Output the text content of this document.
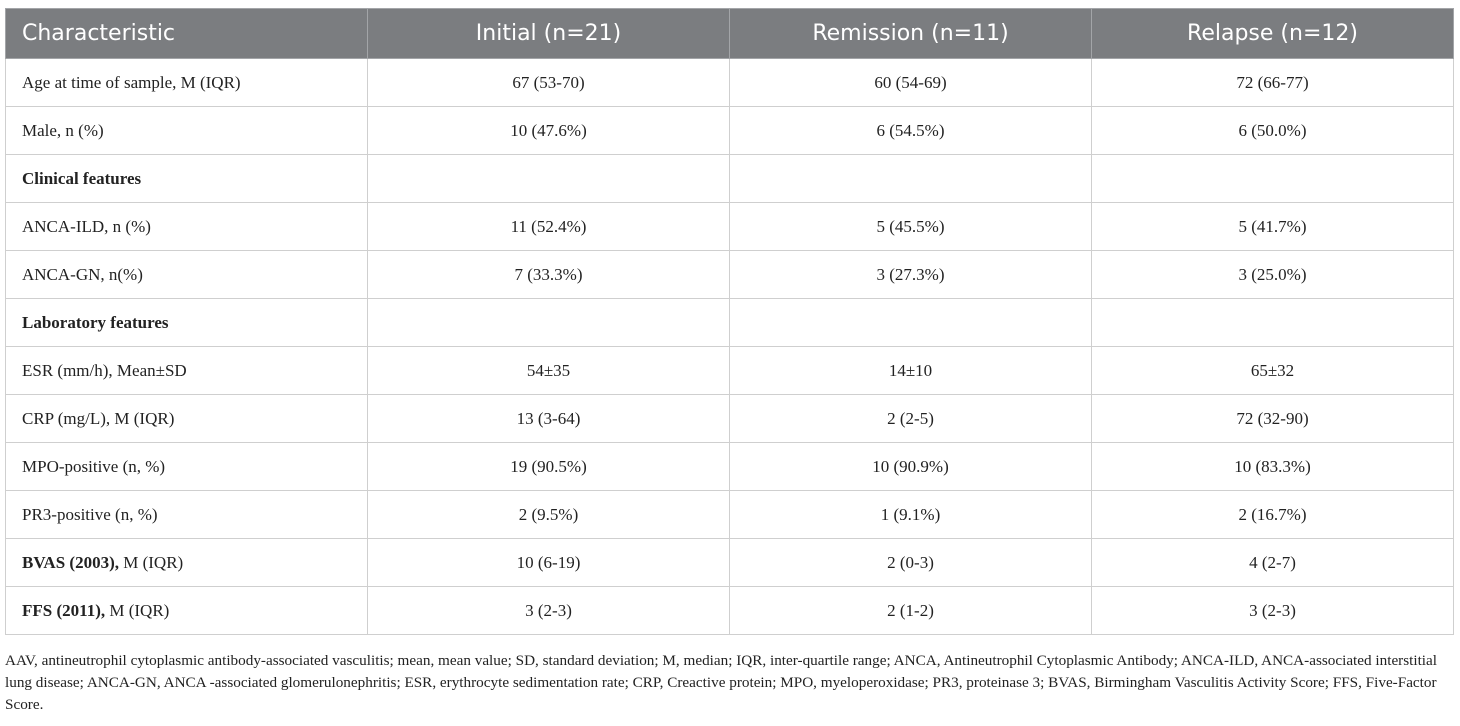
Characteristic	Initial (n=21)	Remission (n=11)	Relapse (n=12)
Age at time of sample, M (IQR)	67 (53-70)	60 (54-69)	72 (66-77)
Male, n (%)	10 (47.6%)	6 (54.5%)	6 (50.0%)
Clinical features			
ANCA-ILD, n (%)	11 (52.4%)	5 (45.5%)	5 (41.7%)
ANCA-GN, n(%)	7 (33.3%)	3 (27.3%)	3 (25.0%)
Laboratory features			
ESR (mm/h), Mean±SD	54±35	14±10	65±32
CRP (mg/L), M (IQR)	13 (3-64)	2 (2-5)	72 (32-90)
MPO-positive (n, %)	19 (90.5%)	10 (90.9%)	10 (83.3%)
PR3-positive (n, %)	2 (9.5%)	1 (9.1%)	2 (16.7%)
BVAS (2003), M (IQR)	10 (6-19)	2 (0-3)	4 (2-7)
FFS (2011), M (IQR)	3 (2-3)	2 (1-2)	3 (2-3)

AAV, antineutrophil cytoplasmic antibody-associated vasculitis; mean, mean value; SD, standard deviation; M, median; IQR, inter-quartile range; ANCA, Antineutrophil Cytoplasmic Antibody; ANCA-ILD, ANCA-associated interstitial lung disease; ANCA-GN, ANCA -associated glomerulonephritis; ESR, erythrocyte sedimentation rate; CRP, Creactive protein; MPO, myeloperoxidase; PR3, proteinase 3; BVAS, Birmingham Vasculitis Activity Score; FFS, Five-Factor Score.
